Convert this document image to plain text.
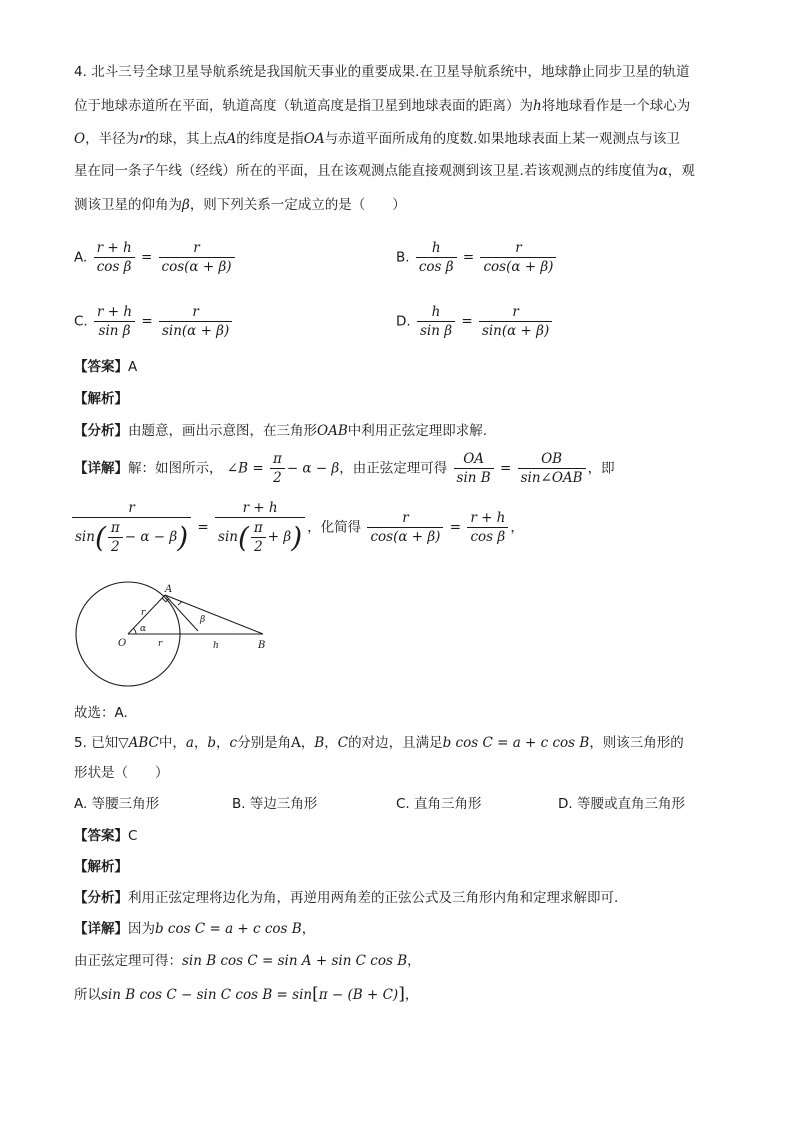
4. 北斗三号全球卫星导航系统是我国航天事业的重要成果.在卫星导航系统中，地球静止同步卫星的轨道
位于地球赤道所在平面，轨道高度（轨道高度是指卫星到地球表面的距离）为h将地球看作是一个球心为
O，半径为r的球，其上点A的纬度是指OA与赤道平面所成角的度数.如果地球表面上某一观测点与该卫
星在同一条子午线（经线）所在的平面，且在该观测点能直接观测到该卫星.若该观测点的纬度值为α，观
测该卫星的仰角为β，则下列关系一定成立的是（　　）
A. $\frac{r + h}{\text{cos β}} = \frac{r}{\cos(\alpha + \beta)}$	B. $\frac{h}{\text{cos β}} = \frac{r}{\cos(\alpha + \beta)}$
C. $\frac{r + h}{\text{sin β}} = \frac{r}{\sin(\alpha + \beta)}$	D. $\frac{h}{\text{sin β}} = \frac{r}{\sin(\alpha + \beta)}$
【答案】A
【解析】
【分析】由题意，画出示意图，在三角形OAB中利用正弦定理即求解.
【详解】解：如图所示， ∠B = $\frac{\pi}{2} - \alpha - \beta$，由正弦定理可得 $\frac{OA}{\text{sin B}} = \frac{OB}{\text{sin∠OAB}}$ ，即
$\frac{r}{\sin( \frac{\pi}{2} - \alpha - \beta)} = \frac{r + h}{\sin( \frac{\pi}{2} + \beta)}$ ，化简得 $\frac{r}{\cos(\alpha + \beta)} = \frac{r + h}{\text{cos β}}$ ，
A
O	B
r
r	h
α
β
故选：A.
5. 已知▽ABC中，a，b，c分别是角A，B，C的对边，且满足b cos C = a + c cos B，则该三角形的
形状是（　　）
A. 等腰三角形	B. 等边三角形	C. 直角三角形	D. 等腰或直角三角形
【答案】C
【解析】
【分析】利用正弦定理将边化为角，再逆用两角差的正弦公式及三角形内角和定理求解即可.
【详解】因为b cos C = a + c cos B，
由正弦定理可得：sin B cos C = sin A + sin C cos B，
所以sin B cos C − sin C cos B = sin[π − (B + C)]，
